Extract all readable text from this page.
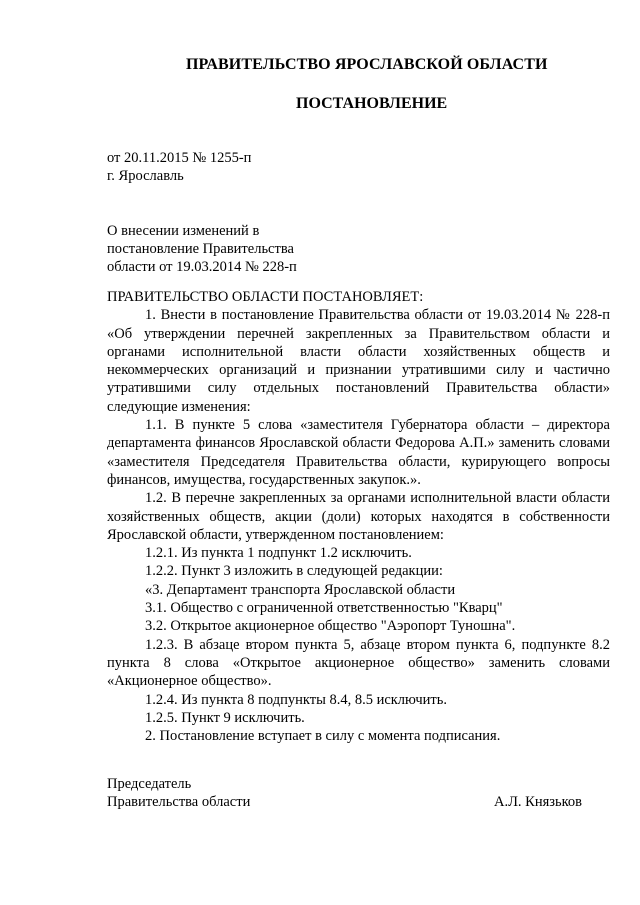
ПРАВИТЕЛЬСТВО ЯРОСЛАВСКОЙ ОБЛАСТИ
ПОСТАНОВЛЕНИЕ
от 20.11.2015 № 1255-п
г. Ярославль
О внесении изменений в
постановление Правительства
области от 19.03.2014 № 228-п

ПРАВИТЕЛЬСТВО ОБЛАСТИ ПОСТАНОВЛЯЕТ:

1. Внести в постановление Правительства области от 19.03.2014 № 228-п «Об утверждении перечней закрепленных за Правительством области и органами исполнительной власти области хозяйственных обществ и некоммерческих организаций и признании утратившими силу и частично утратившими силу отдельных постановлений Правительства области» следующие изменения:

1.1. В пункте 5 слова «заместителя Губернатора области – директора департамента финансов Ярославской области Федорова А.П.» заменить словами «заместителя Председателя Правительства области, курирующего вопросы финансов, имущества, государственных закупок.».

1.2. В перечне закрепленных за органами исполнительной власти области хозяйственных обществ, акции (доли) которых находятся в собственности Ярославской области, утвержденном постановлением:

1.2.1. Из пункта 1 подпункт 1.2 исключить.

1.2.2. Пункт 3 изложить в следующей редакции:

«3. Департамент транспорта Ярославской области

3.1. Общество с ограниченной ответственностью "Кварц"

3.2. Открытое акционерное общество "Аэропорт Туношна".

1.2.3. В абзаце втором пункта 5, абзаце втором пункта 6, подпункте 8.2 пункта 8 слова «Открытое акционерное общество» заменить словами «Акционерное общество».

1.2.4. Из пункта 8 подпункты 8.4, 8.5 исключить.

1.2.5. Пункт 9 исключить.

2. Постановление вступает в силу с момента подписания.

Председатель
Правительства области	А.Л. Князьков
